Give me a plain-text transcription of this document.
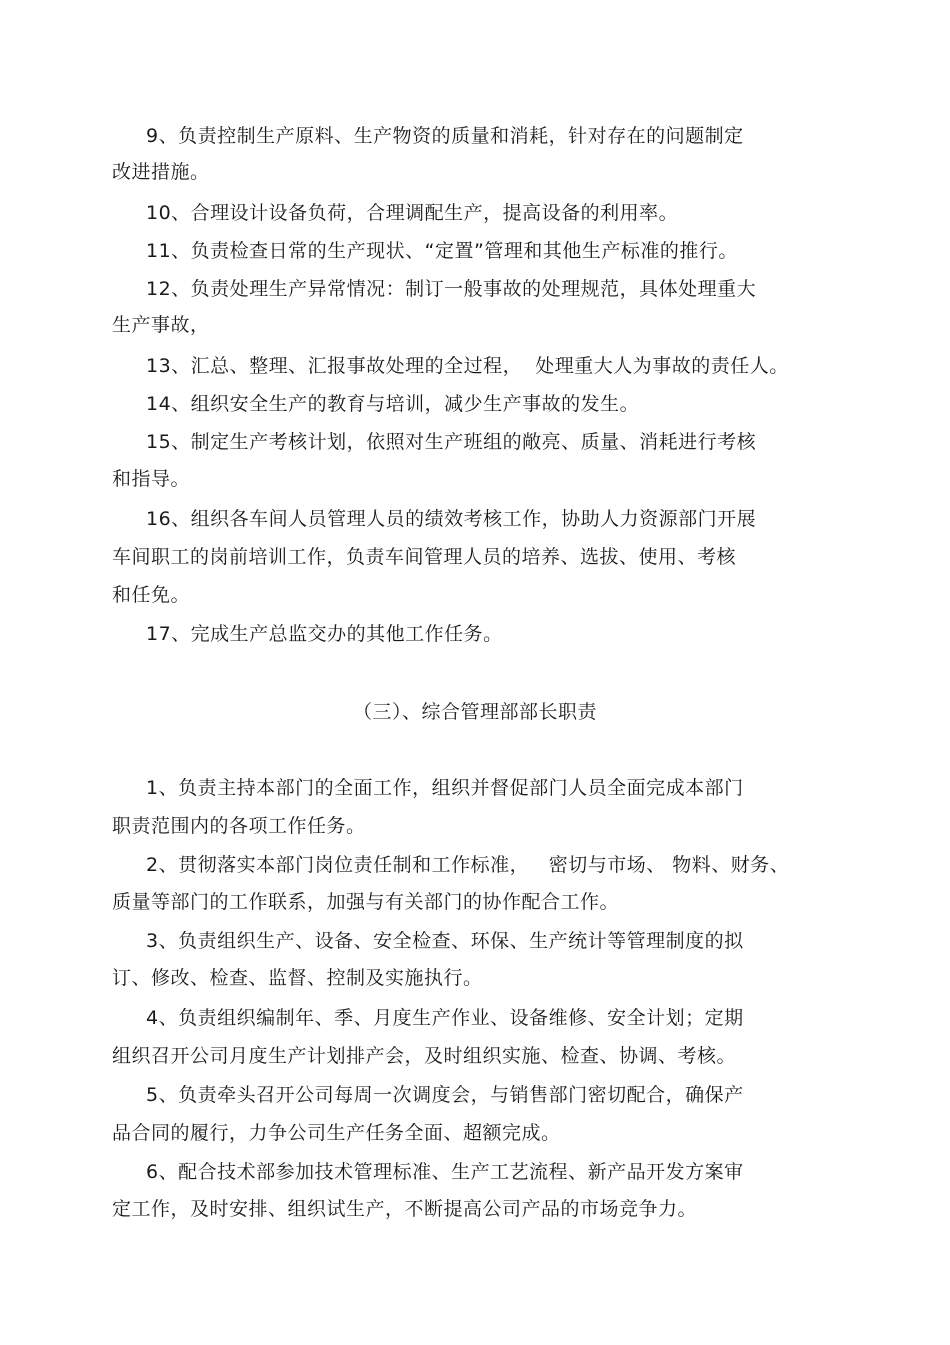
9、负责控制生产原料、生产物资的质量和消耗，针对存在的问题制定
改进措施。
10、合理设计设备负荷，合理调配生产，提高设备的利用率。
11、负责检查日常的生产现状、“定置”管理和其他生产标准的推行。
12、负责处理生产异常情况：制订一般事故的处理规范，具体处理重大
生产事故，
13、汇总、整理、汇报事故处理的全过程，  处理重大人为事故的责任人。
14、组织安全生产的教育与培训，减少生产事故的发生。
15、制定生产考核计划，依照对生产班组的敞亮、质量、消耗进行考核
和指导。
16、组织各车间人员管理人员的绩效考核工作，协助人力资源部门开展
车间职工的岗前培训工作，负责车间管理人员的培养、选拔、使用、考核
和任免。
17、完成生产总监交办的其他工作任务。
（三）、综合管理部部长职责
1、负责主持本部门的全面工作，组织并督促部门人员全面完成本部门
职责范围内的各项工作任务。
2、贯彻落实本部门岗位责任制和工作标准，   密切与市场、 物料、财务、
质量等部门的工作联系，加强与有关部门的协作配合工作。
3、负责组织生产、设备、安全检查、环保、生产统计等管理制度的拟
订、修改、检查、监督、控制及实施执行。
4、负责组织编制年、季、月度生产作业、设备维修、安全计划；定期
组织召开公司月度生产计划排产会，及时组织实施、检查、协调、考核。
5、负责牵头召开公司每周一次调度会，与销售部门密切配合，确保产
品合同的履行，力争公司生产任务全面、超额完成。
6、配合技术部参加技术管理标准、生产工艺流程、新产品开发方案审
定工作，及时安排、组织试生产，不断提高公司产品的市场竞争力。
